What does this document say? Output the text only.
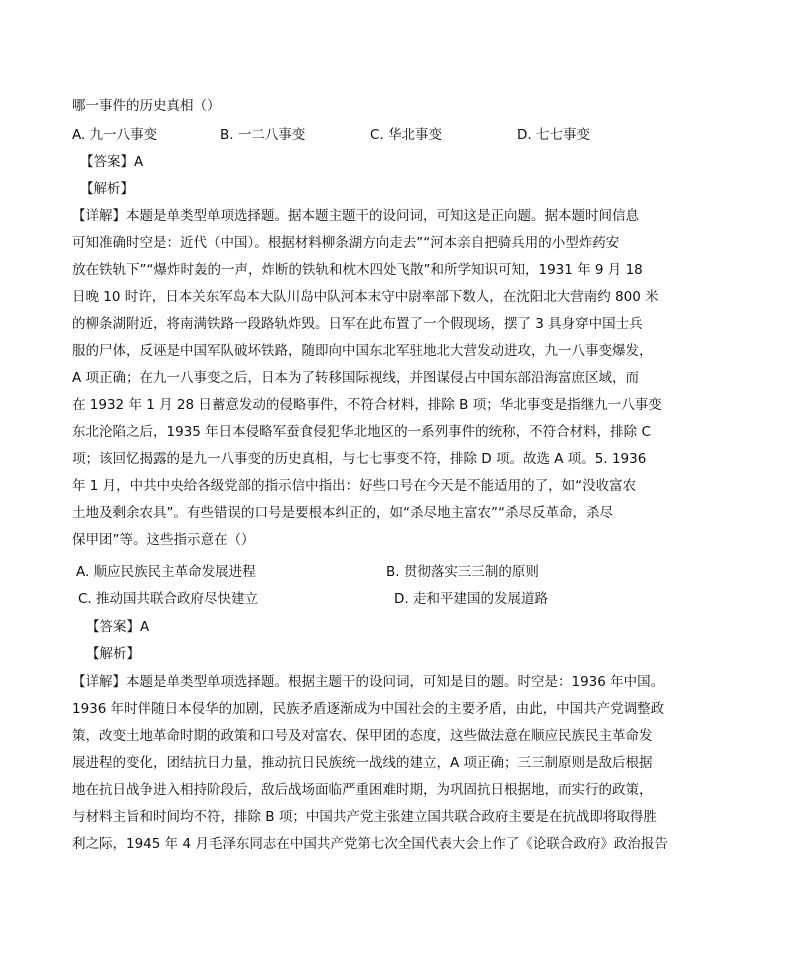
哪一事件的历史真相（）
A. 九一八事变	B. 一二八事变	C. 华北事变	D. 七七事变
【答案】A
【解析】
【详解】本题是单类型单项选择题。据本题主题干的设问词，可知这是正向题。据本题时间信息
可知准确时空是：近代（中国）。根据材料柳条湖方向走去”“河本亲自把骑兵用的小型炸药安
放在铁轨下”“爆炸时轰的一声，炸断的铁轨和枕木四处飞散”和所学知识可知，1931 年 9 月 18
日晚 10 时许，日本关东军岛本大队川岛中队河本末守中尉率部下数人，在沈阳北大营南约 800 米
的柳条湖附近，将南满铁路一段路轨炸毁。日军在此布置了一个假现场，摆了 3 具身穿中国士兵
服的尸体，反诬是中国军队破坏铁路，随即向中国东北军驻地北大营发动进攻，九一八事变爆发，
A 项正确；在九一八事变之后，日本为了转移国际视线，并图谋侵占中国东部沿海富庶区域，而
在 1932 年 1 月 28 日蓄意发动的侵略事件，不符合材料，排除 B 项；华北事变是指继九一八事变
东北沦陷之后，1935 年日本侵略军蚕食侵犯华北地区的一系列事件的统称，不符合材料，排除 C
项；该回忆揭露的是九一八事变的历史真相，与七七事变不符，排除 D 项。故选 A 项。5. 1936
年 1 月，中共中央给各级党部的指示信中指出：好些口号在今天是不能适用的了，如“没收富农
土地及剩余农具”。有些错误的口号是要根本纠正的，如“杀尽地主富农”“杀尽反革命，杀尽
保甲团”等。这些指示意在（）
A. 顺应民族民主革命发展进程	B. 贯彻落实三三制的原则
C. 推动国共联合政府尽快建立	D. 走和平建国的发展道路
【答案】A
【解析】
【详解】本题是单类型单项选择题。根据主题干的设问词，可知是目的题。时空是：1936 年中国。
1936 年时伴随日本侵华的加剧，民族矛盾逐渐成为中国社会的主要矛盾，由此，中国共产党调整政
策，改变土地革命时期的政策和口号及对富农、保甲团的态度，这些做法意在顺应民族民主革命发
展进程的变化，团结抗日力量，推动抗日民族统一战线的建立，A 项正确；三三制原则是敌后根据
地在抗日战争进入相持阶段后，敌后战场面临严重困难时期，为巩固抗日根据地，而实行的政策，
与材料主旨和时间均不符，排除 B 项；中国共产党主张建立国共联合政府主要是在抗战即将取得胜
利之际，1945 年 4 月毛泽东同志在中国共产党第七次全国代表大会上作了《论联合政府》政治报告
